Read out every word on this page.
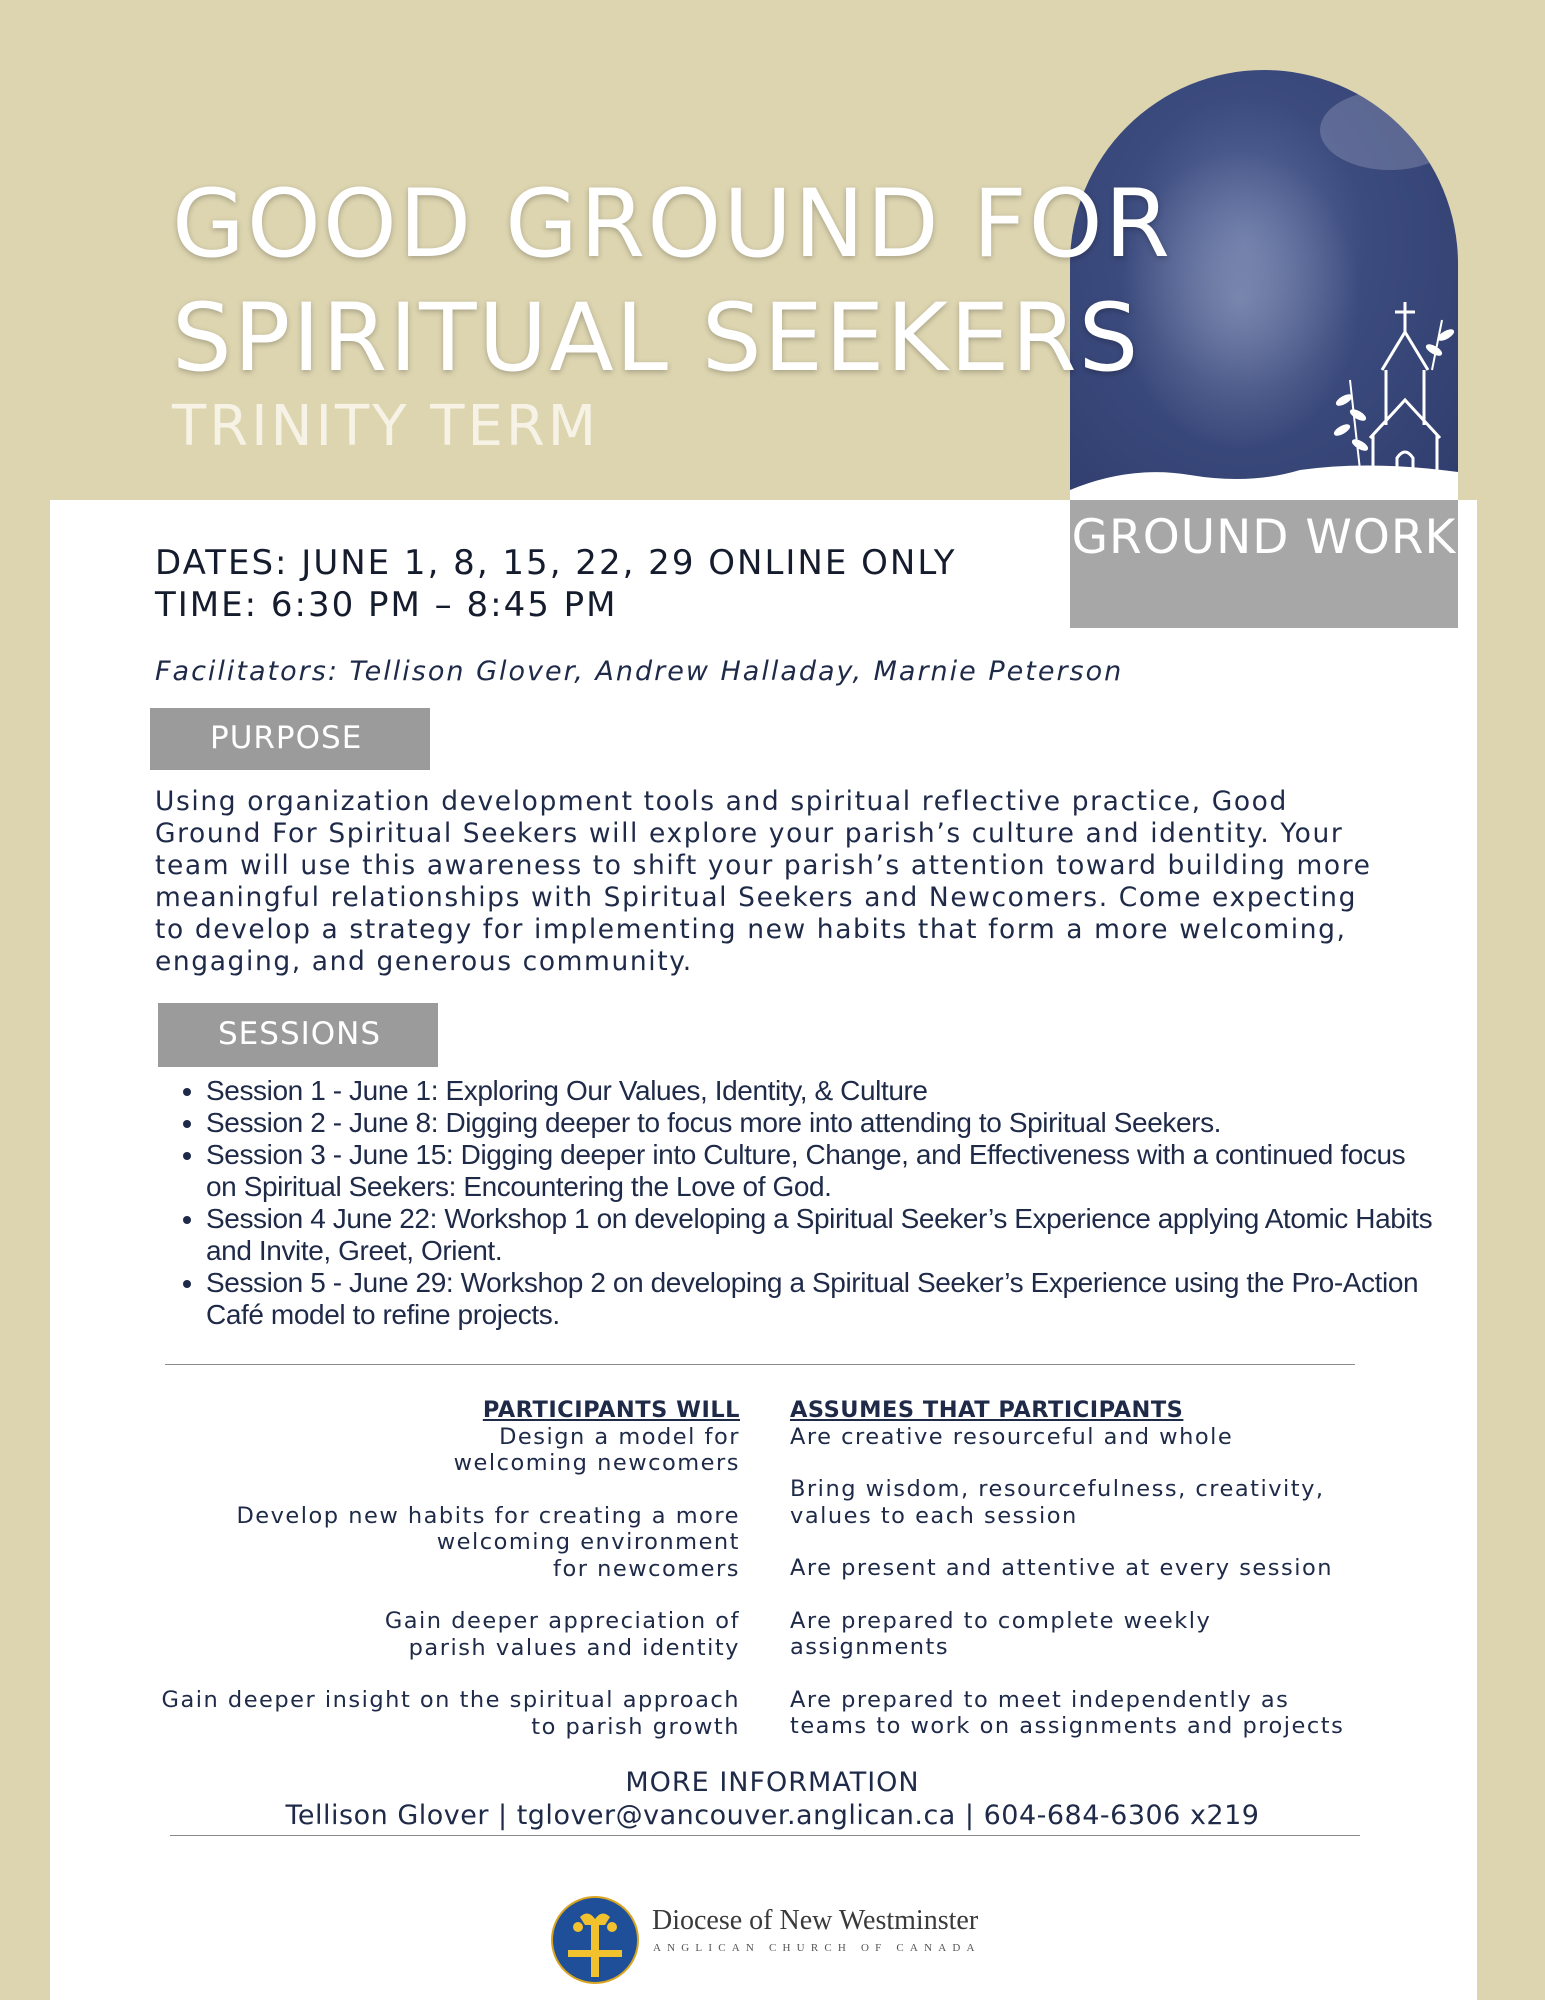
GOOD GROUND FOR
SPIRITUAL SEEKERS
TRINITY TERM
GROUND WORK
DATES: JUNE 1, 8, 15, 22, 29 ONLINE ONLY
TIME: 6:30 PM – 8:45 PM
Facilitators: Tellison Glover, Andrew Halladay, Marnie Peterson
PURPOSE
Using organization development tools and spiritual reflective practice, Good Ground For Spiritual Seekers will explore your parish’s culture and identity. Your team will use this awareness to shift your parish’s attention toward building more meaningful relationships with Spiritual Seekers and Newcomers. Come expecting to develop a strategy for implementing new habits that form a more welcoming, engaging, and generous community.
SESSIONS
• Session 1 - June 1: Exploring Our Values, Identity, & Culture
• Session 2 - June 8: Digging deeper to focus more into attending to Spiritual Seekers.
• Session 3 - June 15: Digging deeper into Culture, Change, and Effectiveness with a continued focus on Spiritual Seekers: Encountering the Love of God.
• Session 4 June 22: Workshop 1 on developing a Spiritual Seeker’s Experience applying Atomic Habits and Invite, Greet, Orient.
• Session 5 - June 29: Workshop 2 on developing a Spiritual Seeker’s Experience using the Pro-Action Café model to refine projects.
PARTICIPANTS WILL
Design a model for
welcoming newcomers
Develop new habits for creating a more
welcoming environment
for newcomers
Gain deeper appreciation of
parish values and identity
Gain deeper insight on the spiritual approach
to parish growth
ASSUMES THAT PARTICIPANTS
Are creative resourceful and whole
Bring wisdom, resourcefulness, creativity,
values to each session
Are present and attentive at every session
Are prepared to complete weekly
assignments
Are prepared to meet independently as
teams to work on assignments and projects
MORE INFORMATION
Tellison Glover | tglover@vancouver.anglican.ca | 604-684-6306 x219
Diocese of New Westminster
ANGLICAN CHURCH OF CANADA
